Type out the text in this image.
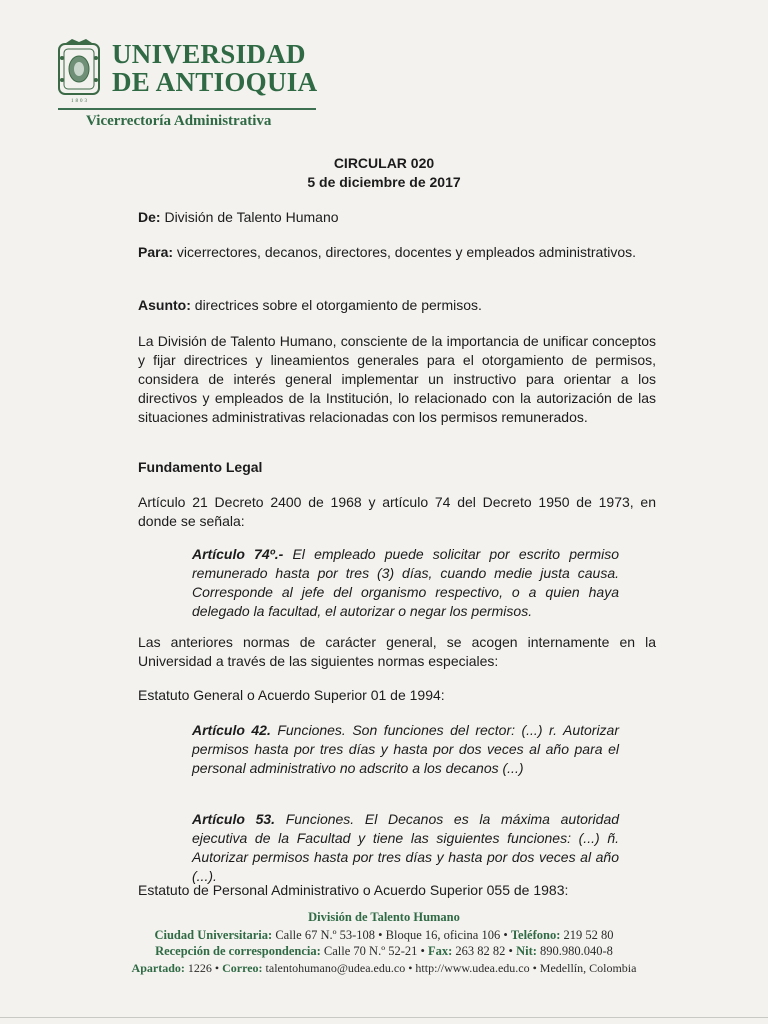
1803
UNIVERSIDAD
DE ANTIOQUIA
Vicerrectoría Administrativa
CIRCULAR 020
5 de diciembre de 2017
De: División de Talento Humano
Para: vicerrectores, decanos, directores, docentes y empleados administrativos.
Asunto: directrices sobre el otorgamiento de permisos.
La División de Talento Humano, consciente de la importancia de unificar conceptos y fijar directrices y lineamientos generales para el otorgamiento de permisos, considera de interés general implementar un instructivo para orientar a los directivos y empleados de la Institución, lo relacionado con la autorización de las situaciones administrativas relacionadas con los permisos remunerados.
Fundamento Legal
Artículo 21 Decreto 2400 de 1968 y artículo 74 del Decreto 1950 de 1973, en donde se señala:
Artículo 74º.- El empleado puede solicitar por escrito permiso remunerado hasta por tres (3) días, cuando medie justa causa. Corresponde al jefe del organismo respectivo, o a quien haya delegado la facultad, el autorizar o negar los permisos.
Las anteriores normas de carácter general, se acogen internamente en la Universidad a través de las siguientes normas especiales:
Estatuto General o Acuerdo Superior 01 de 1994:
Artículo 42. Funciones. Son funciones del rector: (...) r. Autorizar permisos hasta por tres días y hasta por dos veces al año para el personal administrativo no adscrito a los decanos (...)
Artículo 53. Funciones. El Decanos es la máxima autoridad ejecutiva de la Facultad y tiene las siguientes funciones: (...) ñ. Autorizar permisos hasta por tres días y hasta por dos veces al año (...).
Estatuto de Personal Administrativo o Acuerdo Superior 055 de 1983:
División de Talento Humano
Ciudad Universitaria: Calle 67 N.º 53-108 • Bloque 16, oficina 106 • Teléfono: 219 52 80
Recepción de correspondencia: Calle 70 N.º 52-21 • Fax: 263 82 82 • Nit: 890.980.040-8
Apartado: 1226 • Correo: talentohumano@udea.edu.co • http://www.udea.edu.co • Medellín, Colombia
